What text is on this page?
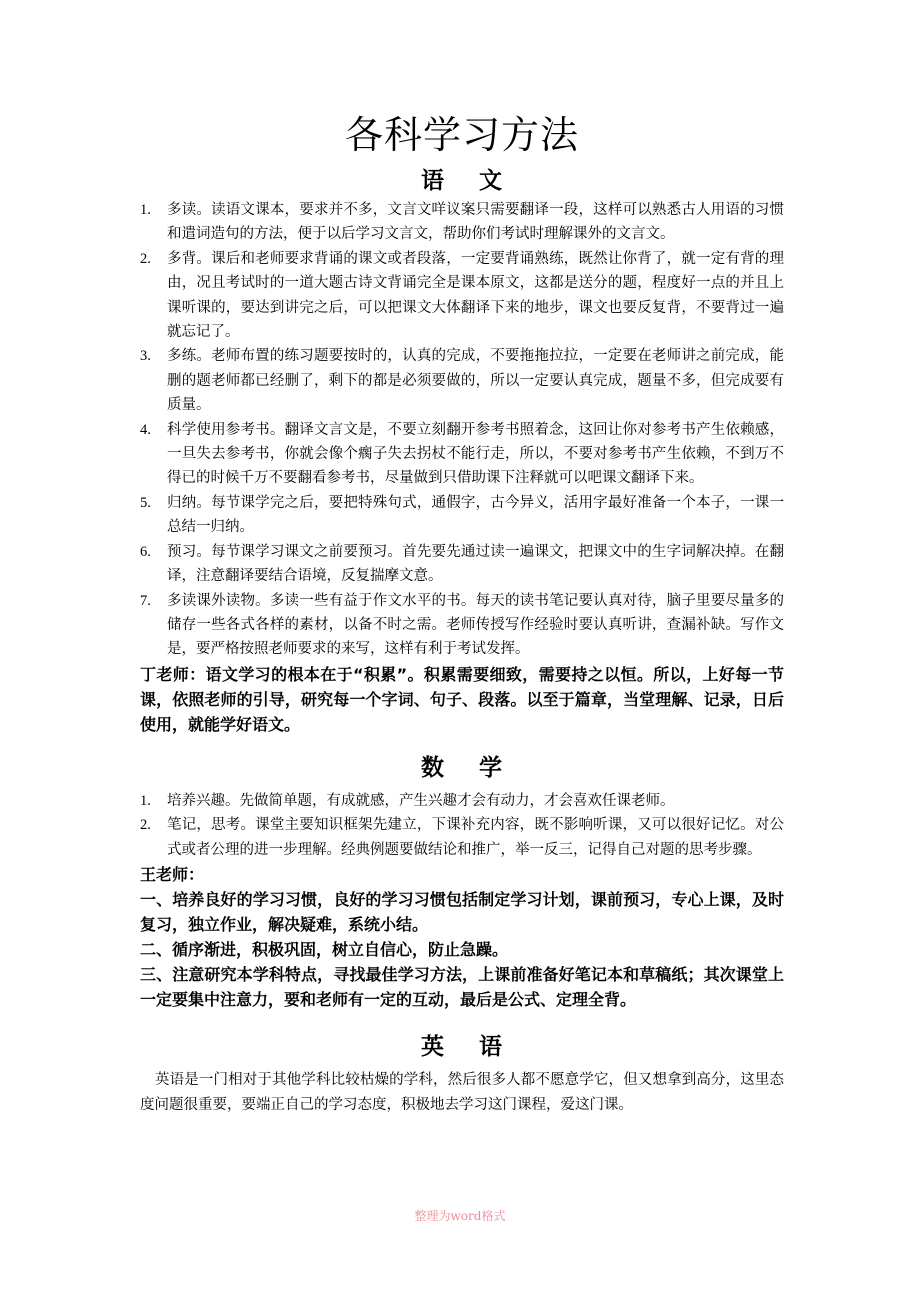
各科学习方法
语 文
1. 多读。读语文课本，要求并不多，文言文咩议案只需要翻译一段，这样可以熟悉古人用语的习惯和遣词造句的方法，便于以后学习文言文，帮助你们考试时理解课外的文言文。
2. 多背。课后和老师要求背诵的课文或者段落，一定要背诵熟练，既然让你背了，就一定有背的理由，况且考试时的一道大题古诗文背诵完全是课本原文，这都是送分的题，程度好一点的并且上课听课的，要达到讲完之后，可以把课文大体翻译下来的地步，课文也要反复背，不要背过一遍就忘记了。
3. 多练。老师布置的练习题要按时的，认真的完成，不要拖拖拉拉，一定要在老师讲之前完成，能删的题老师都已经删了，剩下的都是必须要做的，所以一定要认真完成，题量不多，但完成要有质量。
4. 科学使用参考书。翻译文言文是，不要立刻翻开参考书照着念，这回让你对参考书产生依赖感，一旦失去参考书，你就会像个瘸子失去拐杖不能行走，所以，不要对参考书产生依赖，不到万不得已的时候千万不要翻看参考书，尽量做到只借助课下注释就可以吧课文翻译下来。
5. 归纳。每节课学完之后，要把特殊句式，通假字，古今异义，活用字最好准备一个本子，一课一总结一归纳。
6. 预习。每节课学习课文之前要预习。首先要先通过读一遍课文，把课文中的生字词解决掉。在翻译，注意翻译要结合语境，反复揣摩文意。
7. 多读课外读物。多读一些有益于作文水平的书。每天的读书笔记要认真对待，脑子里要尽量多的储存一些各式各样的素材，以备不时之需。老师传授写作经验时要认真听讲，查漏补缺。写作文是，要严格按照老师要求的来写，这样有利于考试发挥。

丁老师：语文学习的根本在于“积累”。积累需要细致，需要持之以恒。所以，上好每一节课，依照老师的引导，研究每一个字词、句子、段落。以至于篇章，当堂理解、记录，日后使用，就能学好语文。

数 学
1. 培养兴趣。先做简单题，有成就感，产生兴趣才会有动力，才会喜欢任课老师。
2. 笔记，思考。课堂主要知识框架先建立，下课补充内容，既不影响听课，又可以很好记忆。对公式或者公理的进一步理解。经典例题要做结论和推广，举一反三，记得自己对题的思考步骤。

王老师：

一、培养良好的学习习惯，良好的学习习惯包括制定学习计划，课前预习，专心上课，及时复习，独立作业，解决疑难，系统小结。

二、循序渐进，积极巩固，树立自信心，防止急躁。

三、注意研究本学科特点，寻找最佳学习方法，上课前准备好笔记本和草稿纸；其次课堂上一定要集中注意力，要和老师有一定的互动，最后是公式、定理全背。

英 语

英语是一门相对于其他学科比较枯燥的学科，然后很多人都不愿意学它，但又想拿到高分，这里态度问题很重要，要端正自己的学习态度，积极地去学习这门课程，爱这门课。

整理为word格式
